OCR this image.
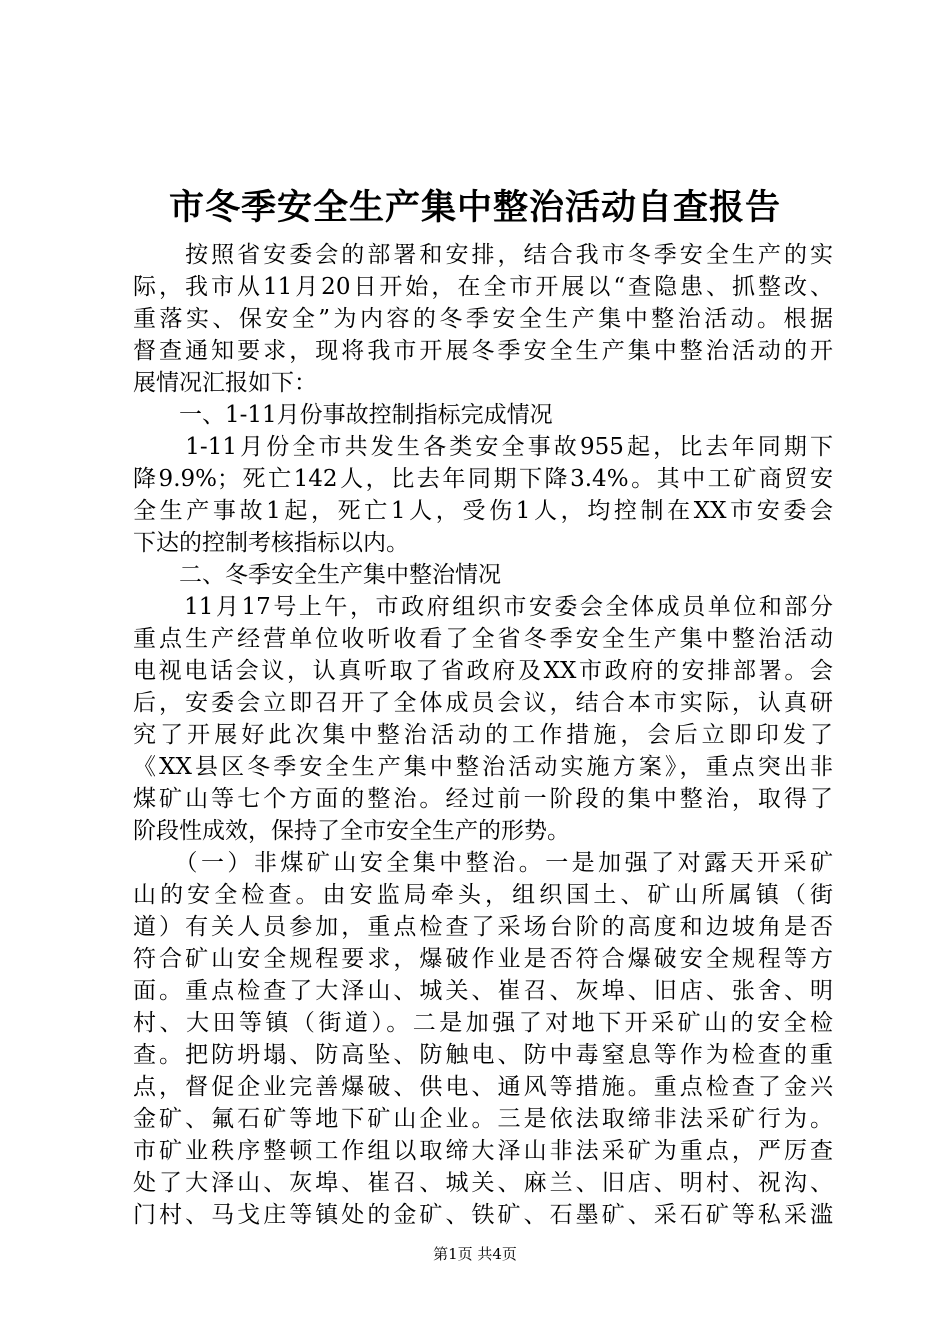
市冬季安全生产集中整治活动自查报告
　　按照省安委会的部署和安排，结合我市冬季安全生产的实
际，我市从11月20日开始，在全市开展以“查隐患、抓整改、
重落实、保安全”为内容的冬季安全生产集中整治活动。根据
督查通知要求，现将我市开展冬季安全生产集中整治活动的开
展情况汇报如下：
　　一、1-11月份事故控制指标完成情况
　　1-11月份全市共发生各类安全事故955起，比去年同期下
降9.9%；死亡142人，比去年同期下降3.4%。其中工矿商贸安
全生产事故1起，死亡1人，受伤1人，均控制在XX市安委会
下达的控制考核指标以内。
　　二、冬季安全生产集中整治情况
　　11月17号上午，市政府组织市安委会全体成员单位和部分
重点生产经营单位收听收看了全省冬季安全生产集中整治活动
电视电话会议，认真听取了省政府及XX市政府的安排部署。会
后，安委会立即召开了全体成员会议，结合本市实际，认真研
究了开展好此次集中整治活动的工作措施，会后立即印发了
《XX县区冬季安全生产集中整治活动实施方案》，重点突出非
煤矿山等七个方面的整治。经过前一阶段的集中整治，取得了
阶段性成效，保持了全市安全生产的形势。
　　（一）非煤矿山安全集中整治。一是加强了对露天开采矿
山的安全检查。由安监局牵头，组织国土、矿山所属镇（街
道）有关人员参加，重点检查了采场台阶的高度和边坡角是否
符合矿山安全规程要求，爆破作业是否符合爆破安全规程等方
面。重点检查了大泽山、城关、崔召、灰埠、旧店、张舍、明
村、大田等镇（街道）。二是加强了对地下开采矿山的安全检
查。把防坍塌、防高坠、防触电、防中毒窒息等作为检查的重
点，督促企业完善爆破、供电、通风等措施。重点检查了金兴
金矿、氟石矿等地下矿山企业。三是依法取缔非法采矿行为。
市矿业秩序整顿工作组以取缔大泽山非法采矿为重点，严厉查
处了大泽山、灰埠、崔召、城关、麻兰、旧店、明村、祝沟、
门村、马戈庄等镇处的金矿、铁矿、石墨矿、采石矿等私采滥
第1页 共4页
